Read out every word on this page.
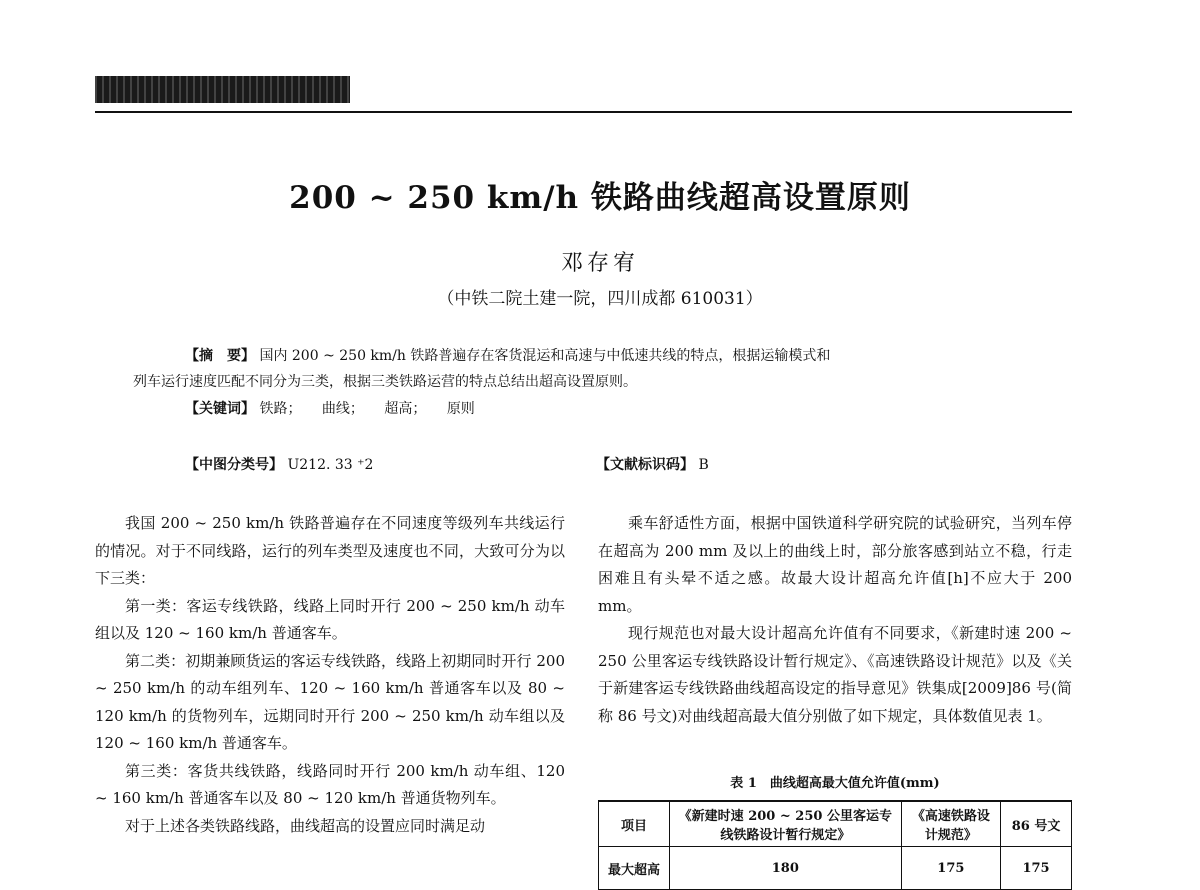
200 ~ 250 km/h 铁路曲线超高设置原则
邓存宥
（中铁二院土建一院，四川成都 610031）
【摘　要】 国内 200 ~ 250 km/h 铁路普遍存在客货混运和高速与中低速共线的特点，根据运输模式和
列车运行速度匹配不同分为三类，根据三类铁路运营的特点总结出超高设置原则。
【关键词】 铁路； 曲线； 超高； 原则
【中图分类号】 U212. 33 ⁺2	【文献标识码】 B

我国 200 ~ 250 km/h 铁路普遍存在不同速度等级列车共线运行的情况。对于不同线路，运行的列车类型及速度也不同，大致可分为以下三类：

第一类：客运专线铁路，线路上同时开行 200 ~ 250 km/h 动车组以及 120 ~ 160 km/h 普通客车。

第二类：初期兼顾货运的客运专线铁路，线路上初期同时开行 200 ~ 250 km/h 的动车组列车、120 ~ 160 km/h 普通客车以及 80 ~ 120 km/h 的货物列车，远期同时开行 200 ~ 250 km/h 动车组以及 120 ~ 160 km/h 普通客车。

第三类：客货共线铁路，线路同时开行 200 km/h 动车组、120 ~ 160 km/h 普通客车以及 80 ~ 120 km/h 普通货物列车。

对于上述各类铁路线路，曲线超高的设置应同时满足动

乘车舒适性方面，根据中国铁道科学研究院的试验研究，当列车停在超高为 200 mm 及以上的曲线上时，部分旅客感到站立不稳，行走困难且有头晕不适之感。故最大设计超高允许值[h]不应大于 200 mm。

现行规范也对最大设计超高允许值有不同要求，《新建时速 200 ~ 250 公里客运专线铁路设计暂行规定》、《高速铁路设计规范》以及《关于新建客运专线铁路曲线超高设定的指导意见》铁集成[2009]86 号(简称 86 号文)对曲线超高最大值分别做了如下规定，具体数值见表 1。

表 1　曲线超高最大值允许值(mm)
项目	《新建时速 200 ~ 250 公里客运专线铁路设计暂行规定》	《高速铁路设计规范》	86 号文
最大超高	180	175	175
